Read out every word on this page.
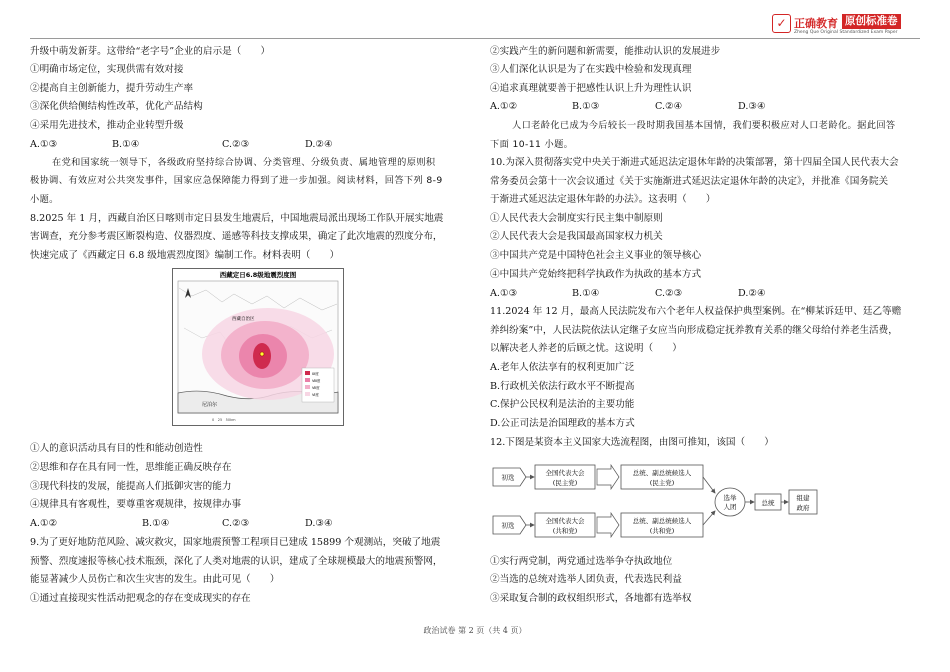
✓ 正确教育 原创标准卷
Zheng Que Original Standardized Exam Paper
升级中萌发新芽。这带给“老字号”企业的启示是（　　）
①明确市场定位，实现供需有效对接
②提高自主创新能力，提升劳动生产率
③深化供给侧结构性改革，优化产品结构
④采用先进技术，推动企业转型升级
A.①③	B.①④	C.②③	D.②④
在党和国家统一领导下，各级政府坚持综合协调、分类管理、分级负责、属地管理的原则积
极协调、有效应对公共突发事件，国家应急保障能力得到了进一步加强。阅读材料，回答下列 8-9
小题。
8.2025 年 1 月，西藏自治区日喀则市定日县发生地震后，中国地震局派出现场工作队开展实地震
害调查，充分参考震区断裂构造、仪器烈度、遥感等科技支撑成果，确定了此次地震的烈度分布，
快速完成了《西藏定日 6.8 级地震烈度图》编制工作。材料表明（　　）
西藏定日6.8级地震烈度图
西藏自治区
尼泊尔
Ⅸ度
Ⅷ度
Ⅶ度
Ⅵ度
0　25　50km
①人的意识活动具有目的性和能动创造性
②思维和存在具有同一性，思维能正确反映存在
③现代科技的发展，能提高人们抵御灾害的能力
④规律具有客观性，要尊重客观规律，按规律办事
A.①②	B.①④	C.②③	D.③④
9.为了更好地防范风险、减灾救灾，国家地震预警工程项目已建成 15899 个观测站，突破了地震
预警、烈度速报等核心技术瓶颈，深化了人类对地震的认识，建成了全球规模最大的地震预警网，
能显著减少人员伤亡和次生灾害的发生。由此可见（　　）
①通过直接现实性活动把观念的存在变成现实的存在
②实践产生的新问题和新需要，能推动认识的发展进步
③人们深化认识是为了在实践中检验和发现真理
④追求真理就要善于把感性认识上升为理性认识
A.①②	B.①③	C.②④	D.③④
人口老龄化已成为今后较长一段时期我国基本国情，我们要积极应对人口老龄化。据此回答
下面 10-11 小题。
10.为深入贯彻落实党中央关于渐进式延迟法定退休年龄的决策部署，第十四届全国人民代表大会
常务委员会第十一次会议通过《关于实施渐进式延迟法定退休年龄的决定》，并批准《国务院关
于渐进式延迟法定退休年龄的办法》。这表明（　　）
①人民代表大会制度实行民主集中制原则
②人民代表大会是我国最高国家权力机关
③中国共产党是中国特色社会主义事业的领导核心
④中国共产党始终把科学执政作为执政的基本方式
A.①③	B.①④	C.②③	D.②④
11.2024 年 12 月，最高人民法院发布六个老年人权益保护典型案例。在“柳某诉廷甲、廷乙等赡
养纠纷案”中，人民法院依法认定继子女应当向形成稳定抚养教育关系的继父母给付养老生活费，
以解决老人养老的后顾之忧。这说明（　　）
A.老年人依法享有的权利更加广泛
B.行政机关依法行政水平不断提高
C.保护公民权利是法治的主要功能
D.公正司法是治国理政的基本方式
12.下图是某资本主义国家大选流程图，由图可推知，该国（　　）
初选
全国代表大会
(民主党)
总统、副总统候选人
(民主党)
初选
全国代表大会
(共和党)
总统、副总统候选人
(共和党)
选举
人团	总统
组建
政府
①实行两党制，两党通过选举争夺执政地位
②当选的总统对选举人团负责，代表选民利益
③采取复合制的政权组织形式，各地都有选举权
政治试卷 第 2 页（共 4 页）
